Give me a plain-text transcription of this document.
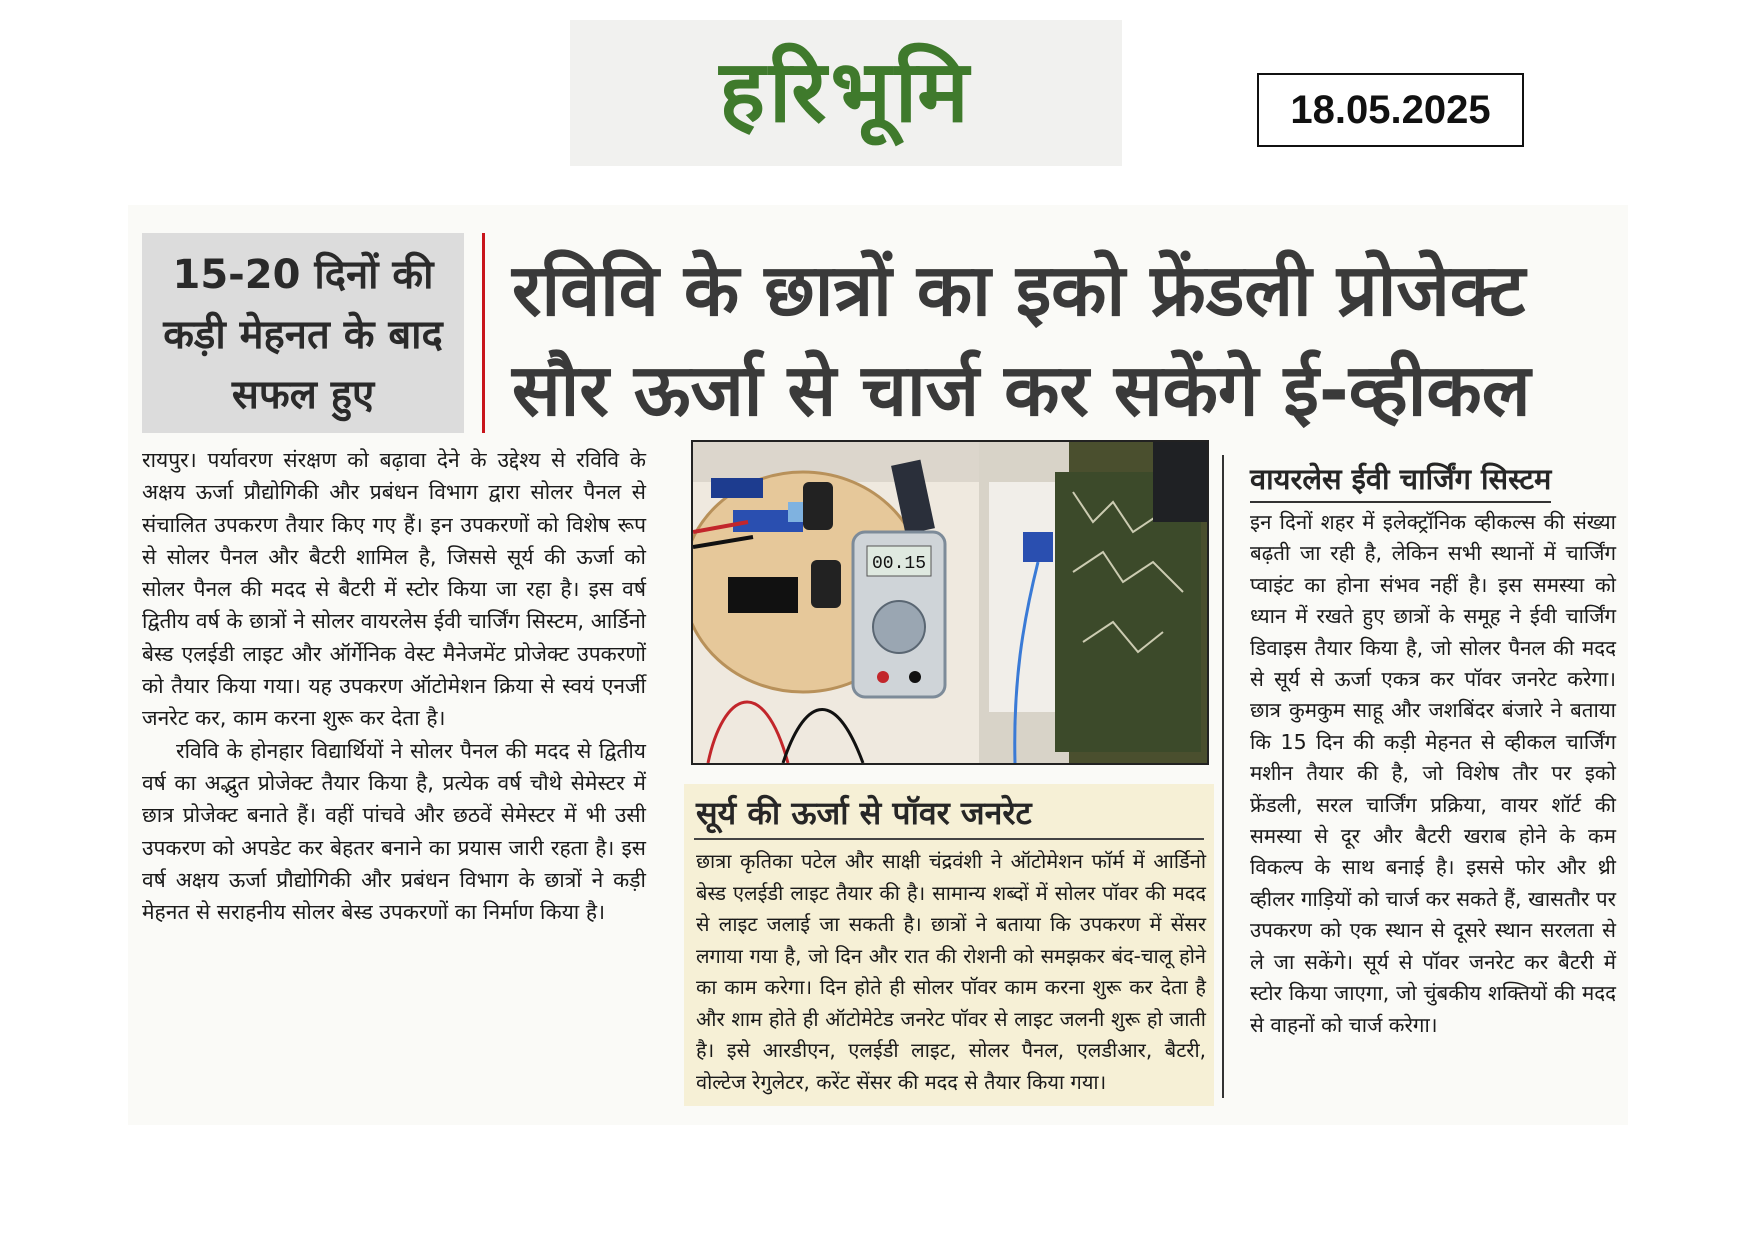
हरिभूमि	18.05.2025
15-20 दिनों की कड़ी मेहनत के बाद सफल हुए
रविवि के छात्रों का इको फ्रेंडली प्रोजेक्ट
सौर ऊर्जा से चार्ज कर सकेंगे ई-व्हीकल

रायपुर। पर्यावरण संरक्षण को बढ़ावा देने के उद्देश्य से रविवि के अक्षय ऊर्जा प्रौद्योगिकी और प्रबंधन विभाग द्वारा सोलर पैनल से संचालित उपकरण तैयार किए गए हैं। इन उपकरणों को विशेष रूप से सोलर पैनल और बैटरी शामिल है, जिससे सूर्य की ऊर्जा को सोलर पैनल की मदद से बैटरी में स्टोर किया जा रहा है। इस वर्ष द्वितीय वर्ष के छात्रों ने सोलर वायरलेस ईवी चार्जिंग सिस्टम, आर्डिनो बेस्ड एलईडी लाइट और ऑर्गेनिक वेस्ट मैनेजमेंट प्रोजेक्ट उपकरणों को तैयार किया गया। यह उपकरण ऑटोमेशन क्रिया से स्वयं एनर्जी जनरेट कर, काम करना शुरू कर देता है।

रविवि के होनहार विद्यार्थियों ने सोलर पैनल की मदद से द्वितीय वर्ष का अद्भुत प्रोजेक्ट तैयार किया है, प्रत्येक वर्ष चौथे सेमेस्टर में छात्र प्रोजेक्ट बनाते हैं। वहीं पांचवे और छठवें सेमेस्टर में भी उसी उपकरण को अपडेट कर बेहतर बनाने का प्रयास जारी रहता है। इस वर्ष अक्षय ऊर्जा प्रौद्योगिकी और प्रबंधन विभाग के छात्रों ने कड़ी मेहनत से सराहनीय सोलर बेस्ड उपकरणों का निर्माण किया है।

00.15
सूर्य की ऊर्जा से पॉवर जनरेट
छात्रा कृतिका पटेल और साक्षी चंद्रवंशी ने ऑटोमेशन फॉर्म में आर्डिनो बेस्ड एलईडी लाइट तैयार की है। सामान्य शब्दों में सोलर पॉवर की मदद से लाइट जलाई जा सकती है। छात्रों ने बताया कि उपकरण में सेंसर लगाया गया है, जो दिन और रात की रोशनी को समझकर बंद-चालू होने का काम करेगा। दिन होते ही सोलर पॉवर काम करना शुरू कर देता है और शाम होते ही ऑटोमेटेड जनरेट पॉवर से लाइट जलनी शुरू हो जाती है। इसे आरडीएन, एलईडी लाइट, सोलर पैनल, एलडीआर, बैटरी, वोल्टेज रेगुलेटर, करेंट सेंसर की मदद से तैयार किया गया।
वायरलेस ईवी चार्जिंग सिस्टम
इन दिनों शहर में इलेक्ट्रॉनिक व्हीकल्स की संख्या बढ़ती जा रही है, लेकिन सभी स्थानों में चार्जिंग प्वाइंट का होना संभव नहीं है। इस समस्या को ध्यान में रखते हुए छात्रों के समूह ने ईवी चार्जिंग डिवाइस तैयार किया है, जो सोलर पैनल की मदद से सूर्य से ऊर्जा एकत्र कर पॉवर जनरेट करेगा। छात्र कुमकुम साहू और जशबिंदर बंजारे ने बताया कि 15 दिन की कड़ी मेहनत से व्हीकल चार्जिंग मशीन तैयार की है, जो विशेष तौर पर इको फ्रेंडली, सरल चार्जिंग प्रक्रिया, वायर शॉर्ट की समस्या से दूर और बैटरी खराब होने के कम विकल्प के साथ बनाई है। इससे फोर और थ्री व्हीलर गाड़ियों को चार्ज कर सकते हैं, खासतौर पर उपकरण को एक स्थान से दूसरे स्थान सरलता से ले जा सकेंगे। सूर्य से पॉवर जनरेट कर बैटरी में स्टोर किया जाएगा, जो चुंबकीय शक्तियों की मदद से वाहनों को चार्ज करेगा।
